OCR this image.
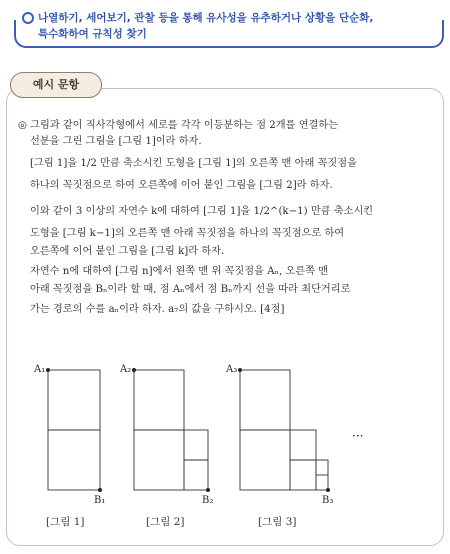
나열하기, 세어보기, 관찰 등을 통해 유사성을 유추하거나 상황을 단순화,
특수화하여 규칙성 찾기
예시 문항
◎ 그림과 같이 직사각형에서 세로를 각각 이등분하는 점 2개를 연결하는
선분을 그린 그림을 [그림 1]이라 하자.
[그림 1]을 1/2 만큼 축소시킨 도형을 [그림 1]의 오른쪽 맨 아래 꼭짓점을
하나의 꼭짓점으로 하여 오른쪽에 이어 붙인 그림을 [그림 2]라 하자.
이와 같이 3 이상의 자연수 k에 대하여 [그림 1]을 1/2^(k−1) 만큼 축소시킨
도형을 [그림 k−1]의 오른쪽 맨 아래 꼭짓점을 하나의 꼭짓점으로 하여
오른쪽에 이어 붙인 그림을 [그림 k]라 하자.
자연수 n에 대하여 [그림 n]에서 왼쪽 맨 위 꼭짓점을 Aₙ, 오른쪽 맨
아래 꼭짓점을 Bₙ이라 할 때, 점 Aₙ에서 점 Bₙ까지 선을 따라 최단거리로
가는 경로의 수를 aₙ이라 하자. a₇의 값을 구하시오. [4점]
A₁
B₁
A₂
B₂
A₃
B₃
···
[그림 1]	[그림 2]	[그림 3]
